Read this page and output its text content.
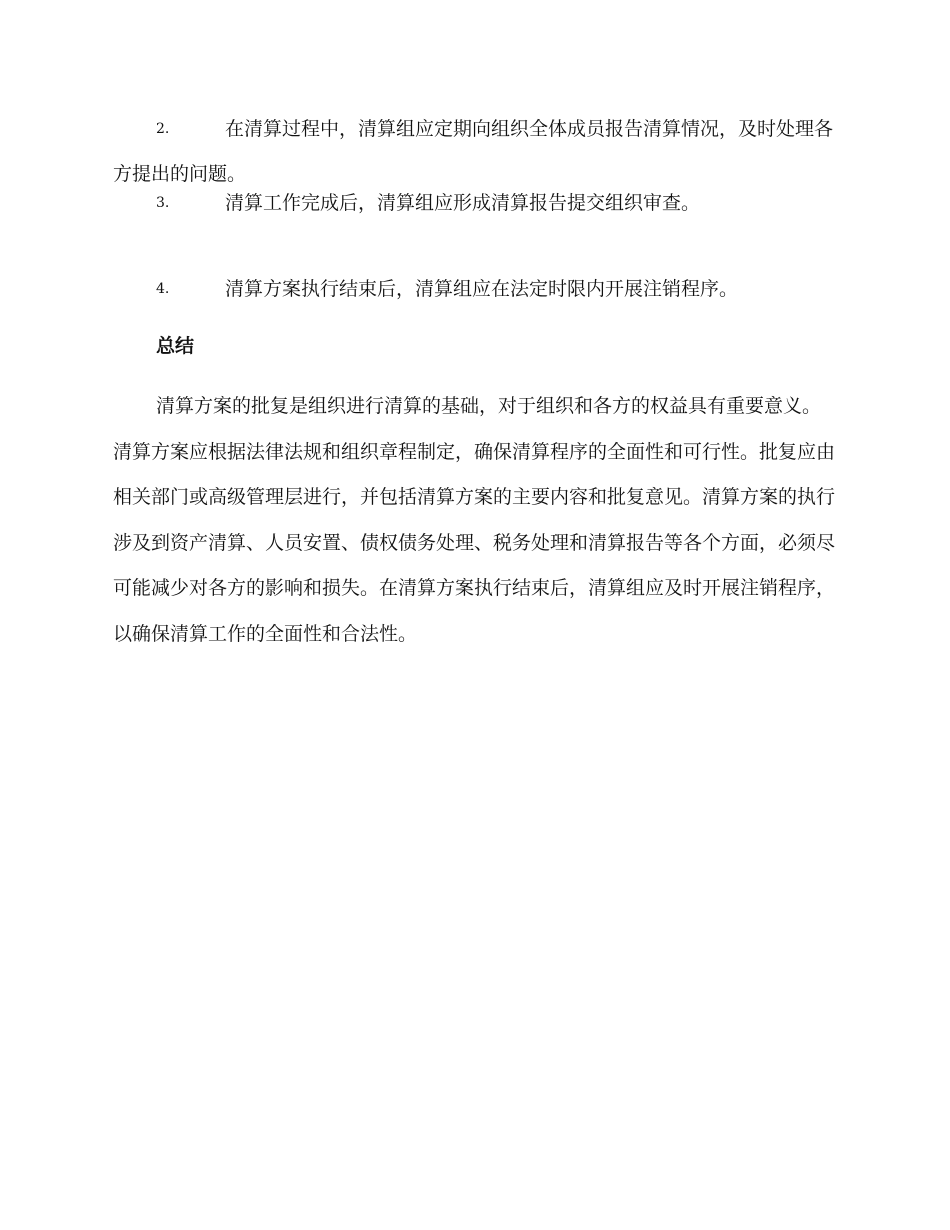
2.	在清算过程中，清算组应定期向组织全体成员报告清算情况，及时处理各方提出的问题。
3.	清算工作完成后，清算组应形成清算报告提交组织审查。
4.	清算方案执行结束后，清算组应在法定时限内开展注销程序。
总结

清算方案的批复是组织进行清算的基础，对于组织和各方的权益具有重要意义。清算方案应根据法律法规和组织章程制定，确保清算程序的全面性和可行性。批复应由相关部门或高级管理层进行，并包括清算方案的主要内容和批复意见。清算方案的执行涉及到资产清算、人员安置、债权债务处理、税务处理和清算报告等各个方面，必须尽可能减少对各方的影响和损失。在清算方案执行结束后，清算组应及时开展注销程序，以确保清算工作的全面性和合法性。
